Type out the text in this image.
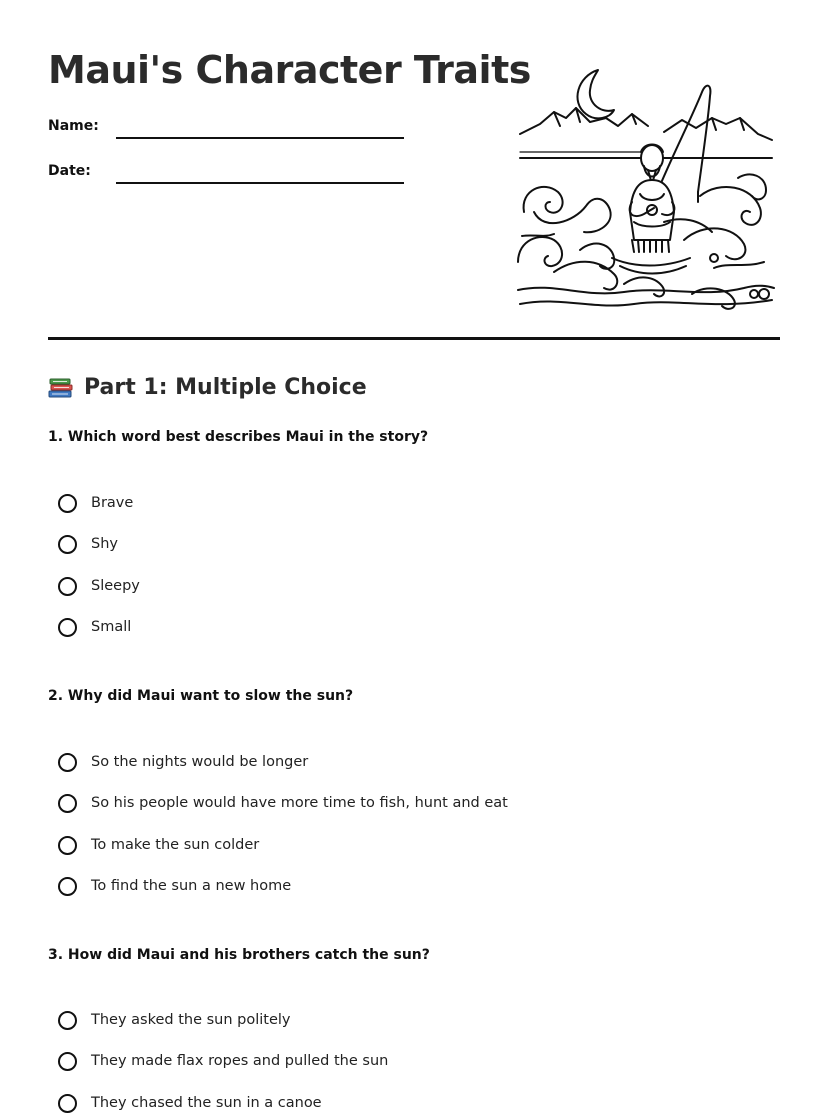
Maui's Character Traits
Name:
Date:
Part 1: Multiple Choice
1. Which word best describes Maui in the story?
Brave
Shy
Sleepy
Small
2. Why did Maui want to slow the sun?
So the nights would be longer
So his people would have more time to fish, hunt and eat
To make the sun colder
To find the sun a new home
3. How did Maui and his brothers catch the sun?
They asked the sun politely
They made flax ropes and pulled the sun
They chased the sun in a canoe
